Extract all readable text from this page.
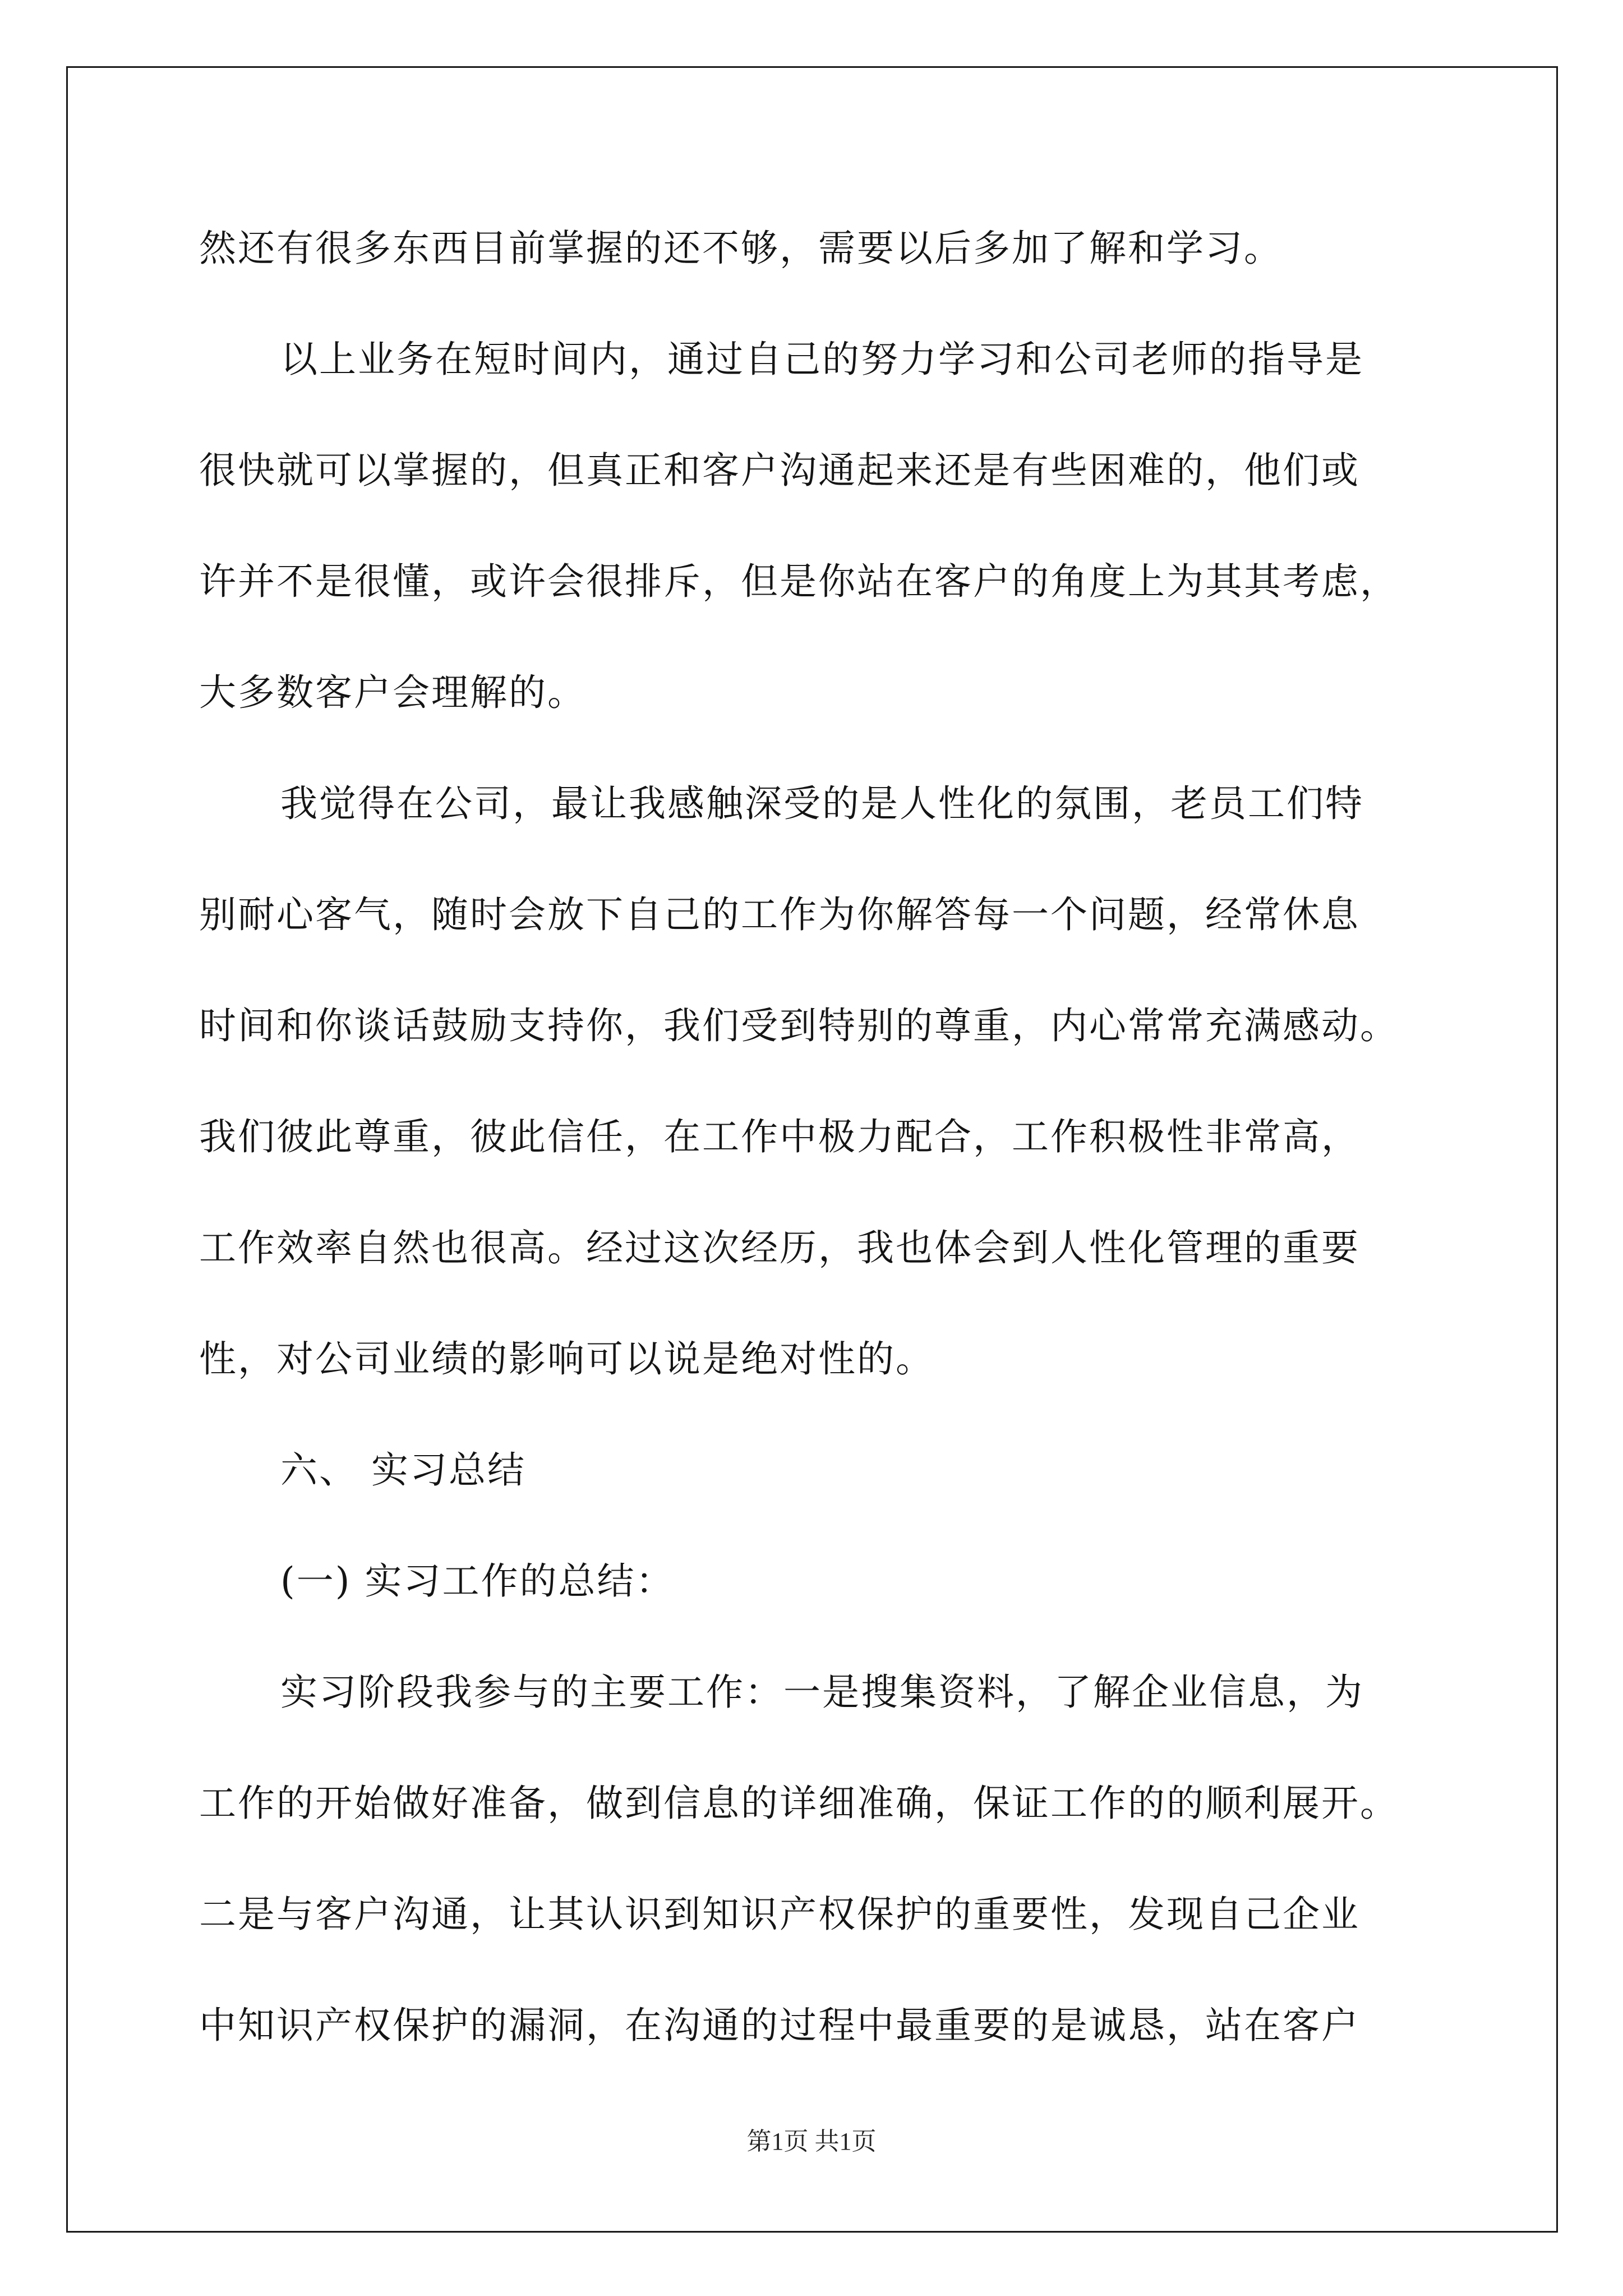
然还有很多东西目前掌握的还不够，需要以后多加了解和学习。
以上业务在短时间内，通过自己的努力学习和公司老师的指导是
很快就可以掌握的，但真正和客户沟通起来还是有些困难的，他们或
许并不是很懂，或许会很排斥，但是你站在客户的角度上为其其考虑，
大多数客户会理解的。
我觉得在公司，最让我感触深受的是人性化的氛围，老员工们特
别耐心客气，随时会放下自己的工作为你解答每一个问题，经常休息
时间和你谈话鼓励支持你，我们受到特别的尊重，内心常常充满感动。
我们彼此尊重，彼此信任，在工作中极力配合，工作积极性非常高，
工作效率自然也很高。经过这次经历，我也体会到人性化管理的重要
性，对公司业绩的影响可以说是绝对性的。
六、 实习总结
(一) 实习工作的总结：
实习阶段我参与的主要工作：一是搜集资料，了解企业信息，为
工作的开始做好准备，做到信息的详细准确，保证工作的的顺利展开。
二是与客户沟通，让其认识到知识产权保护的重要性，发现自己企业
中知识产权保护的漏洞，在沟通的过程中最重要的是诚恳，站在客户
第1页 共1页
